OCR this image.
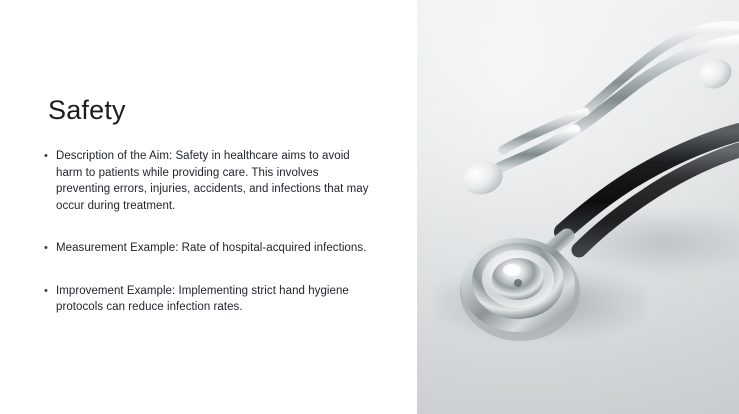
Safety
• Description of the Aim: Safety in healthcare aims to avoid harm to patients while providing care. This involves preventing errors, injuries, accidents, and infections that may occur during treatment.
• Measurement Example: Rate of hospital-acquired infections.
• Improvement Example: Implementing strict hand hygiene protocols can reduce infection rates.
